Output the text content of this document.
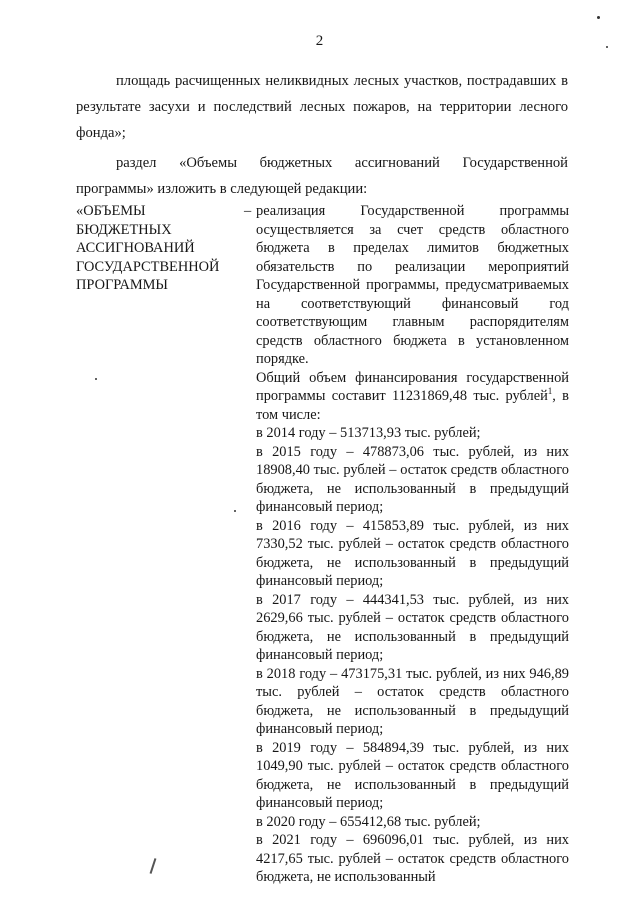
2

площадь расчищенных неликвидных лесных участков, пострадавших в результате засухи и последствий лесных пожаров, на территории лесного фонда»;

раздел «Объемы бюджетных ассигнований Государственной программы» изложить в следующей редакции:

«ОБЪЕМЫ БЮДЖЕТНЫХ АССИГНОВАНИЙ ГОСУДАРСТВЕННОЙ ПРОГРАММЫ
– реализация Государственной программы осуществляется за счет средств областного бюджета в пределах лимитов бюджетных обязательств по реализации мероприятий Государственной программы, предусматриваемых на соответствующий финансовый год соответствующим главным распорядителям средств областного бюджета в установленном порядке.

Общий объем финансирования государственной программы составит 11231869,48 тыс. рублей$^1$, в том числе:

в 2014 году – 513713,93 тыс. рублей;

в 2015 году – 478873,06 тыс. рублей, из них 18908,40 тыс. рублей – остаток средств областного бюджета, не использованный в предыдущий финансовый период;

в 2016 году – 415853,89 тыс. рублей, из них 7330,52 тыс. рублей – остаток средств областного бюджета, не использованный в предыдущий финансовый период;

в 2017 году – 444341,53 тыс. рублей, из них 2629,66 тыс. рублей – остаток средств областного бюджета, не использованный в предыдущий финансовый период;

в 2018 году – 473175,31 тыс. рублей, из них 946,89 тыс. рублей – остаток средств областного бюджета, не использованный в предыдущий финансовый период;

в 2019 году – 584894,39 тыс. рублей, из них 1049,90 тыс. рублей – остаток средств областного бюджета, не использованный в предыдущий финансовый период;

в 2020 году – 655412,68 тыс. рублей;

в 2021 году – 696096,01 тыс. рублей, из них 4217,65 тыс. рублей – остаток средств областного бюджета, не использованный
